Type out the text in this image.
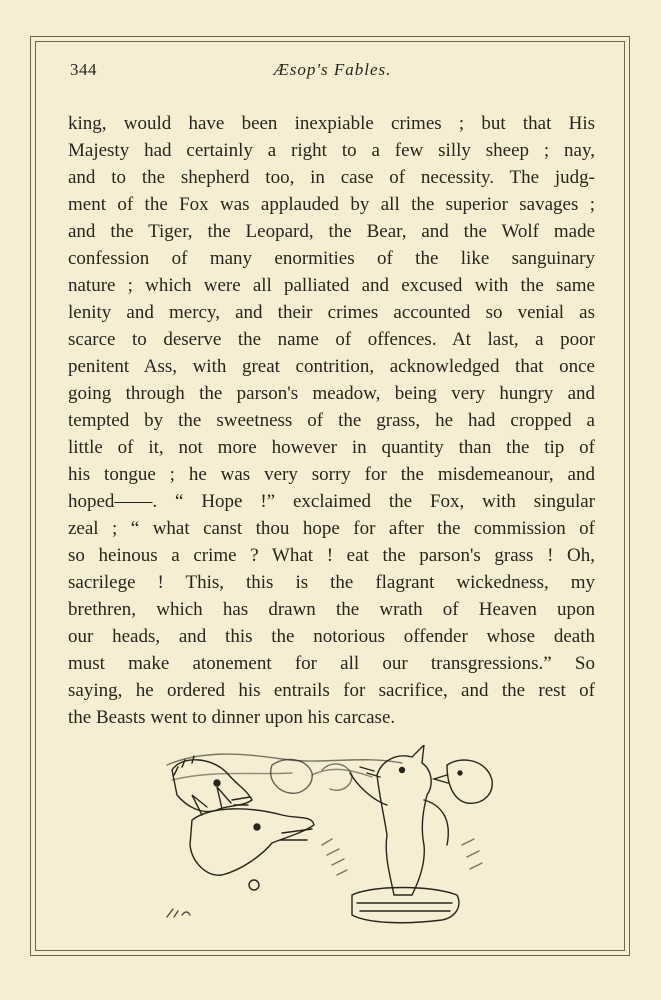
344	Æsop's Fables.
king, would have been inexpiable crimes ; but that His
Majesty had certainly a right to a few silly sheep ; nay,
and to the shepherd too, in case of necessity. The judg-
ment of the Fox was applauded by all the superior savages ;
and the Tiger, the Leopard, the Bear, and the Wolf made
confession of many enormities of the like sanguinary
nature ; which were all palliated and excused with the same
lenity and mercy, and their crimes accounted so venial as
scarce to deserve the name of offences. At last, a poor
penitent Ass, with great contrition, acknowledged that once
going through the parson's meadow, being very hungry and
tempted by the sweetness of the grass, he had cropped a
little of it, not more however in quantity than the tip of
his tongue ; he was very sorry for the misdemeanour, and
hoped——. “ Hope !” exclaimed the Fox, with singular
zeal ; “ what canst thou hope for after the commission of
so heinous a crime ? What ! eat the parson's grass ! Oh,
sacrilege ! This, this is the flagrant wickedness, my
brethren, which has drawn the wrath of Heaven upon
our heads, and this the notorious offender whose death
must make atonement for all our transgressions.” So
saying, he ordered his entrails for sacrifice, and the rest of
the Beasts went to dinner upon his carcase.
